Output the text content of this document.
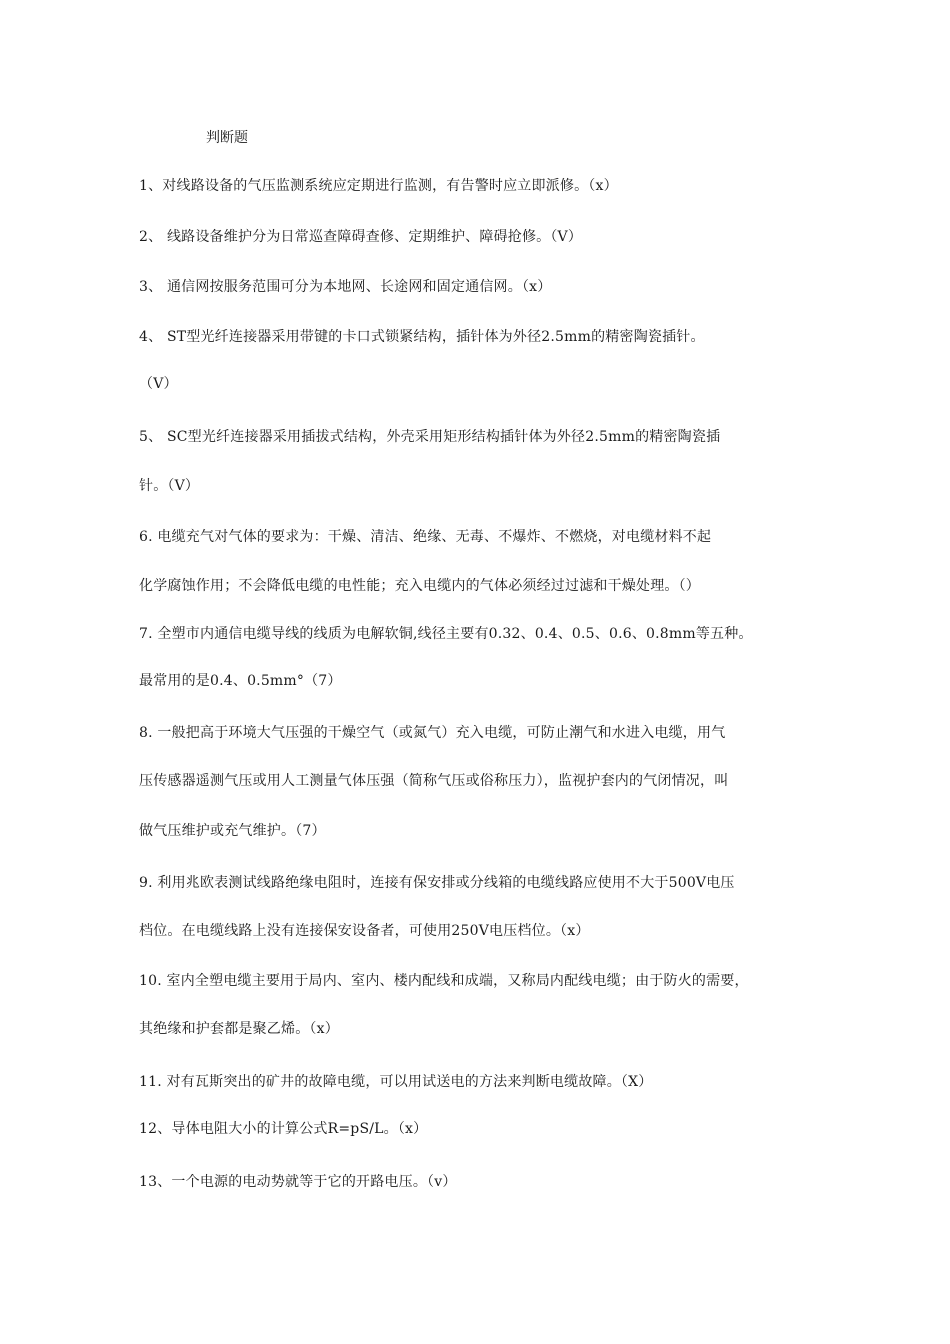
判断题
1、对线路设备的气压监测系统应定期进行监测，有告警时应立即派修。（x）
2、 线路设备维护分为日常巡查障碍查修、定期维护、障碍抢修。（V）
3、 通信网按服务范围可分为本地网、长途网和固定通信网。（x）
4、 ST型光纤连接器采用带键的卡口式锁紧结构，插针体为外径2.5mm的精密陶瓷插针。
（V）
5、 SC型光纤连接器采用插拔式结构，外壳采用矩形结构插针体为外径2.5mm的精密陶瓷插
针。（V）
6. 电缆充气对气体的要求为：干燥、清洁、绝缘、无毒、不爆炸、不燃烧，对电缆材料不起
化学腐蚀作用；不会降低电缆的电性能；充入电缆内的气体必须经过过滤和干燥处理。（）
7. 全塑市内通信电缆导线的线质为电解软铜,线径主要有0.32、0.4、0.5、0.6、0.8mm等五种。
最常用的是0.4、0.5mm°（7）
8. 一般把高于环境大气压强的干燥空气（或氮气）充入电缆，可防止潮气和水进入电缆，用气
压传感器遥测气压或用人工测量气体压强（简称气压或俗称压力），监视护套内的气闭情况，叫
做气压维护或充气维护。（7）
9. 利用兆欧表测试线路绝缘电阻时，连接有保安排或分线箱的电缆线路应使用不大于500V电压
档位。在电缆线路上没有连接保安设备者，可使用250V电压档位。（x）
10. 室内全塑电缆主要用于局内、室内、楼内配线和成端，又称局内配线电缆；由于防火的需要，
其绝缘和护套都是聚乙烯。（x）
11. 对有瓦斯突出的矿井的故障电缆，可以用试送电的方法来判断电缆故障。（X）
12、导体电阻大小的计算公式R=pS/L。（x）
13、一个电源的电动势就等于它的开路电压。（v）
